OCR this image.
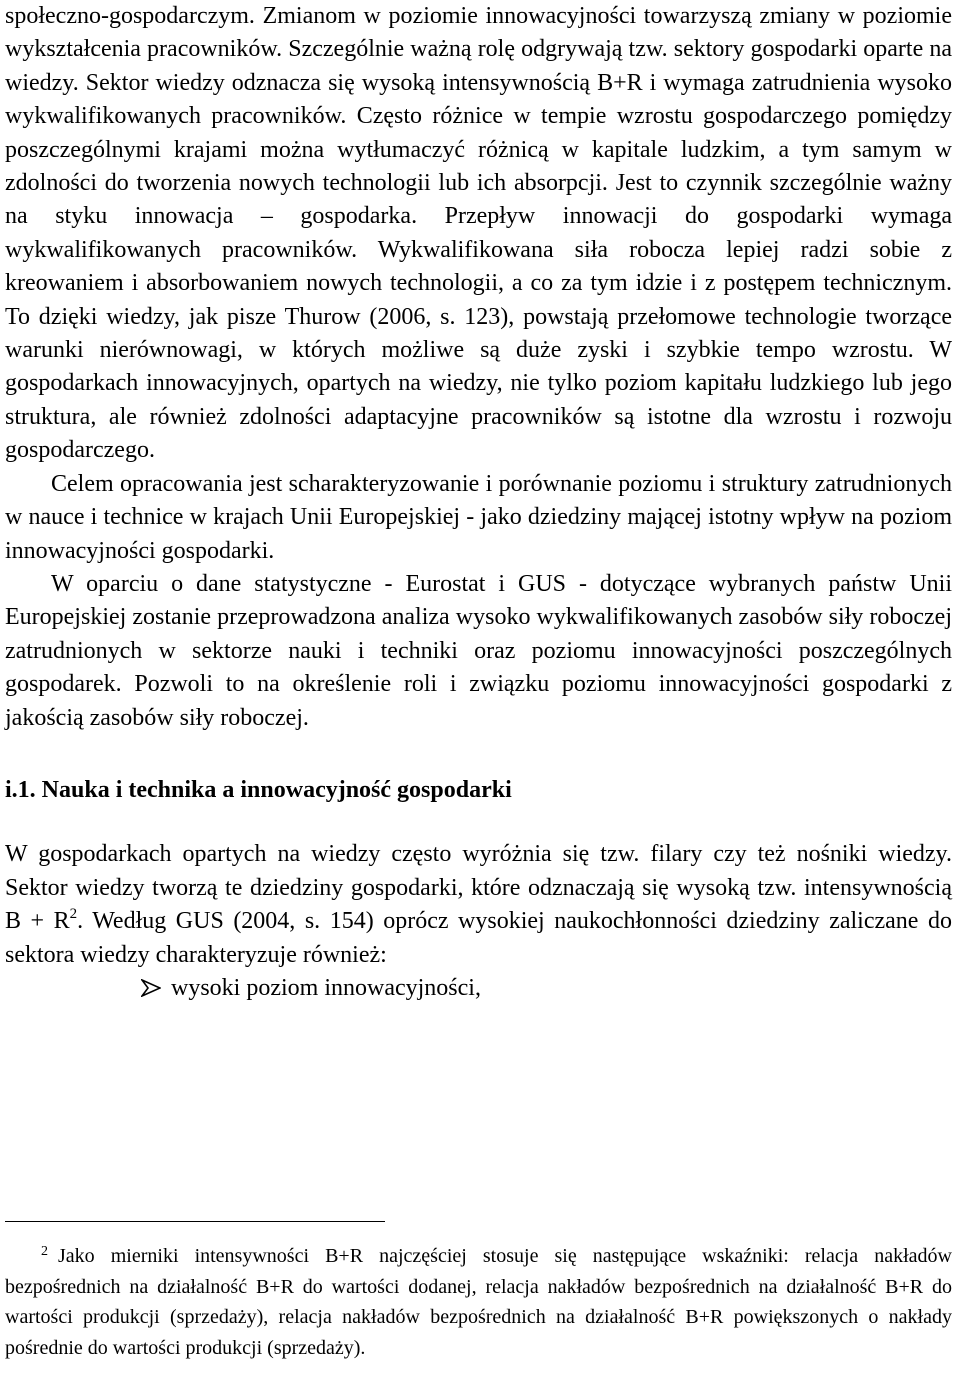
społeczno-gospodarczym. Zmianom w poziomie innowacyjności towarzyszą zmiany w poziomie wykształcenia pracowników. Szczególnie ważną rolę odgrywają tzw. sektory gospodarki oparte na wiedzy. Sektor wiedzy odznacza się wysoką intensywnością B+R i wymaga zatrudnienia wysoko wykwalifikowanych pracowników. Często różnice w tempie wzrostu gospodarczego pomiędzy poszczególnymi krajami można wytłumaczyć różnicą w kapitale ludzkim, a tym samym w zdolności do tworzenia nowych technologii lub ich absorpcji. Jest to czynnik szczególnie ważny na styku innowacja – gospodarka. Przepływ innowacji do gospodarki wymaga wykwalifikowanych pracowników. Wykwalifikowana siła robocza lepiej radzi sobie z kreowaniem i absorbowaniem nowych technologii, a co za tym idzie i z postępem technicznym. To dzięki wiedzy, jak pisze Thurow (2006, s. 123), powstają przełomowe technologie tworzące warunki nierównowagi, w których możliwe są duże zyski i szybkie tempo wzrostu. W gospodarkach innowacyjnych, opartych na wiedzy, nie tylko poziom kapitału ludzkiego lub jego struktura, ale również zdolności adaptacyjne pracowników są istotne dla wzrostu i rozwoju gospodarczego.

Celem opracowania jest scharakteryzowanie i porównanie poziomu i struktury zatrudnionych w nauce i technice w krajach Unii Europejskiej - jako dziedziny mającej istotny wpływ na poziom innowacyjności gospodarki.

W oparciu o dane statystyczne - Eurostat i GUS - dotyczące wybranych państw Unii Europejskiej zostanie przeprowadzona analiza wysoko wykwalifikowanych zasobów siły roboczej zatrudnionych w sektorze nauki i techniki oraz poziomu innowacyjności poszczególnych gospodarek. Pozwoli to na określenie roli i związku poziomu innowacyjności gospodarki z jakością zasobów siły roboczej.

i.1. Nauka i technika a innowacyjność gospodarki

W gospodarkach opartych na wiedzy często wyróżnia się tzw. filary czy też nośniki wiedzy. Sektor wiedzy tworzą te dziedziny gospodarki, które odznaczają się wysoką tzw. intensywnością $B + R^2$. Według GUS (2004, s. 154) oprócz wysokiej naukochłonności dziedziny zaliczane do sektora wiedzy charakteryzuje również:

wysoki poziom innowacyjności,

2 Jako mierniki intensywności B+R najczęściej stosuje się następujące wskaźniki: relacja nakładów bezpośrednich na działalność B+R do wartości dodanej, relacja nakładów bezpośrednich na działalność B+R do wartości produkcji (sprzedaży), relacja nakładów bezpośrednich na działalność B+R powiększonych o nakłady pośrednie do wartości produkcji (sprzedaży).
